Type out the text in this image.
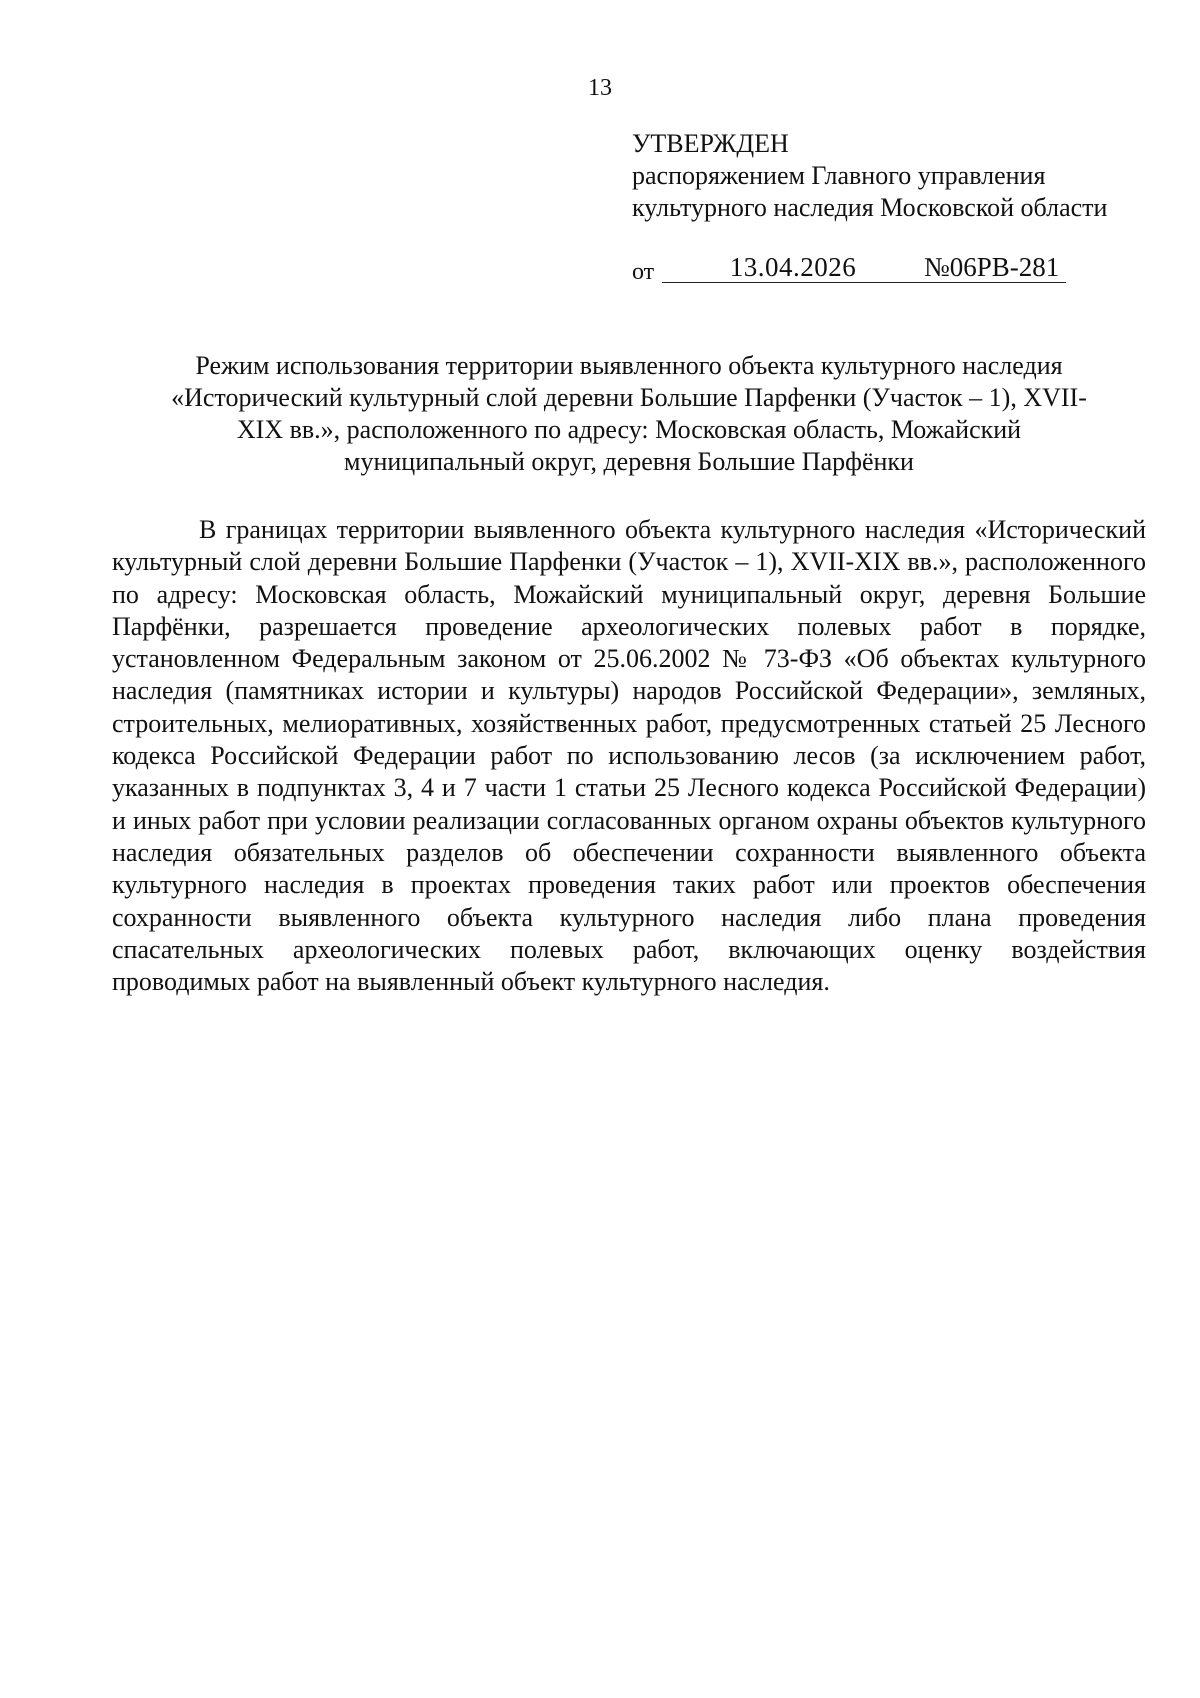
13
УТВЕРЖДЕН
распоряжением Главного управления
культурного наследия Московской области
от	13.04.2026	№06РВ-281
Режим использования территории выявленного объекта культурного наследия
«Исторический культурный слой деревни Большие Парфенки (Участок – 1), XVII-
XIX вв.», расположенного по адресу: Московская область, Можайский
муниципальный округ, деревня Большие Парфёнки

В границах территории выявленного объекта культурного наследия «Исторический культурный слой деревни Большие Парфенки (Участок – 1), XVII-XIX вв.», расположенного по адресу: Московская область, Можайский муниципальный округ, деревня Большие Парфёнки, разрешается проведение археологических полевых работ в порядке, установленном Федеральным законом от 25.06.2002 № 73-ФЗ «Об объектах культурного наследия (памятниках истории и культуры) народов Российской Федерации», земляных, строительных, мелиоративных, хозяйственных работ, предусмотренных статьей 25 Лесного кодекса Российской Федерации работ по использованию лесов (за исключением работ, указанных в подпунктах 3, 4 и 7 части 1 статьи 25 Лесного кодекса Российской Федерации) и иных работ при условии реализации согласованных органом охраны объектов культурного наследия обязательных разделов об обеспечении сохранности выявленного объекта культурного наследия в проектах проведения таких работ или проектов обеспечения сохранности выявленного объекта культурного наследия либо плана проведения спасательных археологических полевых работ, включающих оценку воздействия проводимых работ на выявленный объект культурного наследия.
